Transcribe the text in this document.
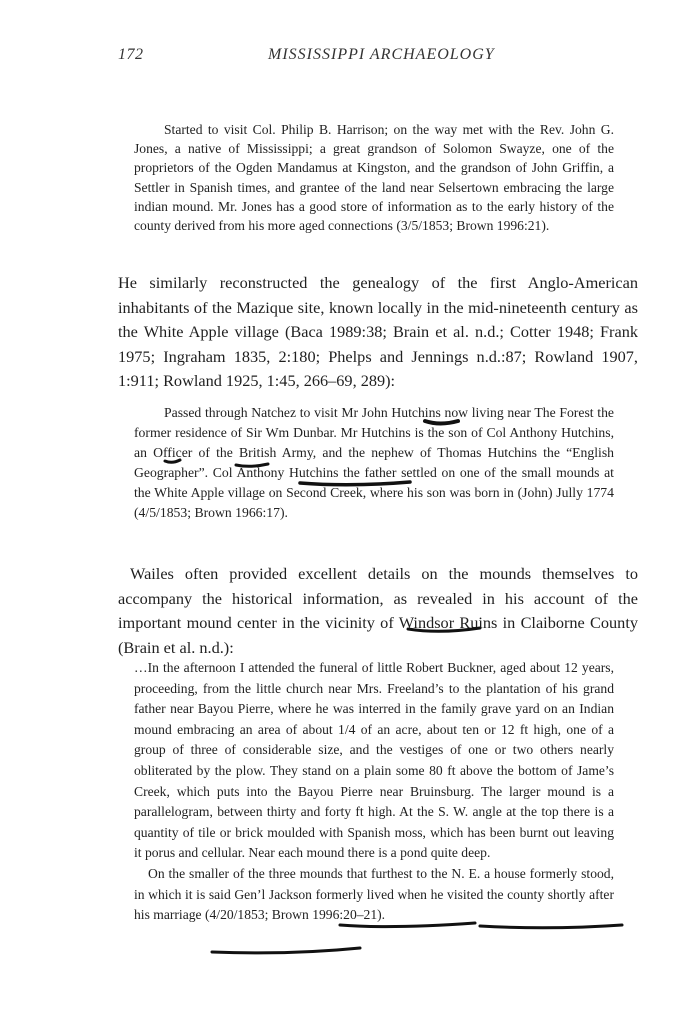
172	MISSISSIPPI ARCHAEOLOGY

Started to visit Col. Philip B. Harrison; on the way met with the Rev. John G. Jones, a native of Mississippi; a great grandson of Solomon Swayze, one of the proprietors of the Ogden Mandamus at Kingston, and the grandson of John Griffin, a Settler in Spanish times, and grantee of the land near Selsertown embracing the large indian mound. Mr. Jones has a good store of information as to the early history of the county derived from his more aged connections (3/5/1853; Brown 1996:21).

He similarly reconstructed the genealogy of the first Anglo-American inhabitants of the Mazique site, known locally in the mid-nineteenth century as the White Apple village (Baca 1989:38; Brain et al. n.d.; Cotter 1948; Frank 1975; Ingraham 1835, 2:180; Phelps and Jennings n.d.:87; Rowland 1907, 1:911; Rowland 1925, 1:45, 266–69, 289):

Passed through Natchez to visit Mr John Hutchins now living near The Forest the former residence of Sir Wm Dunbar. Mr Hutchins is the son of Col Anthony Hutchins, an Officer of the British Army, and the nephew of Thomas Hutchins the “English Geographer”. Col Anthony Hutchins the father settled on one of the small mounds at the White Apple village on Second Creek, where his son was born in (John) Jully 1774 (4/5/1853; Brown 1966:17).

Wailes often provided excellent details on the mounds themselves to accompany the historical information, as revealed in his account of the important mound center in the vicinity of Windsor Ruins in Claiborne County (Brain et al. n.d.):

…In the afternoon I attended the funeral of little Robert Buckner, aged about 12 years, proceeding, from the little church near Mrs. Freeland’s to the plantation of his grand father near Bayou Pierre, where he was interred in the family grave yard on an Indian mound embracing an area of about 1/4 of an acre, about ten or 12 ft high, one of a group of three of considerable size, and the vestiges of one or two others nearly obliterated by the plow. They stand on a plain some 80 ft above the bottom of Jame’s Creek, which puts into the Bayou Pierre near Bruinsburg. The larger mound is a parallelogram, between thirty and forty ft high. At the S. W. angle at the top there is a quantity of tile or brick moulded with Spanish moss, which has been burnt out leaving it porus and cellular. Near each mound there is a pond quite deep.

On the smaller of the three mounds that furthest to the N. E. a house formerly stood, in which it is said Gen’l Jackson formerly lived when he visited the county shortly after his marriage (4/20/1853; Brown 1996:20–21).
